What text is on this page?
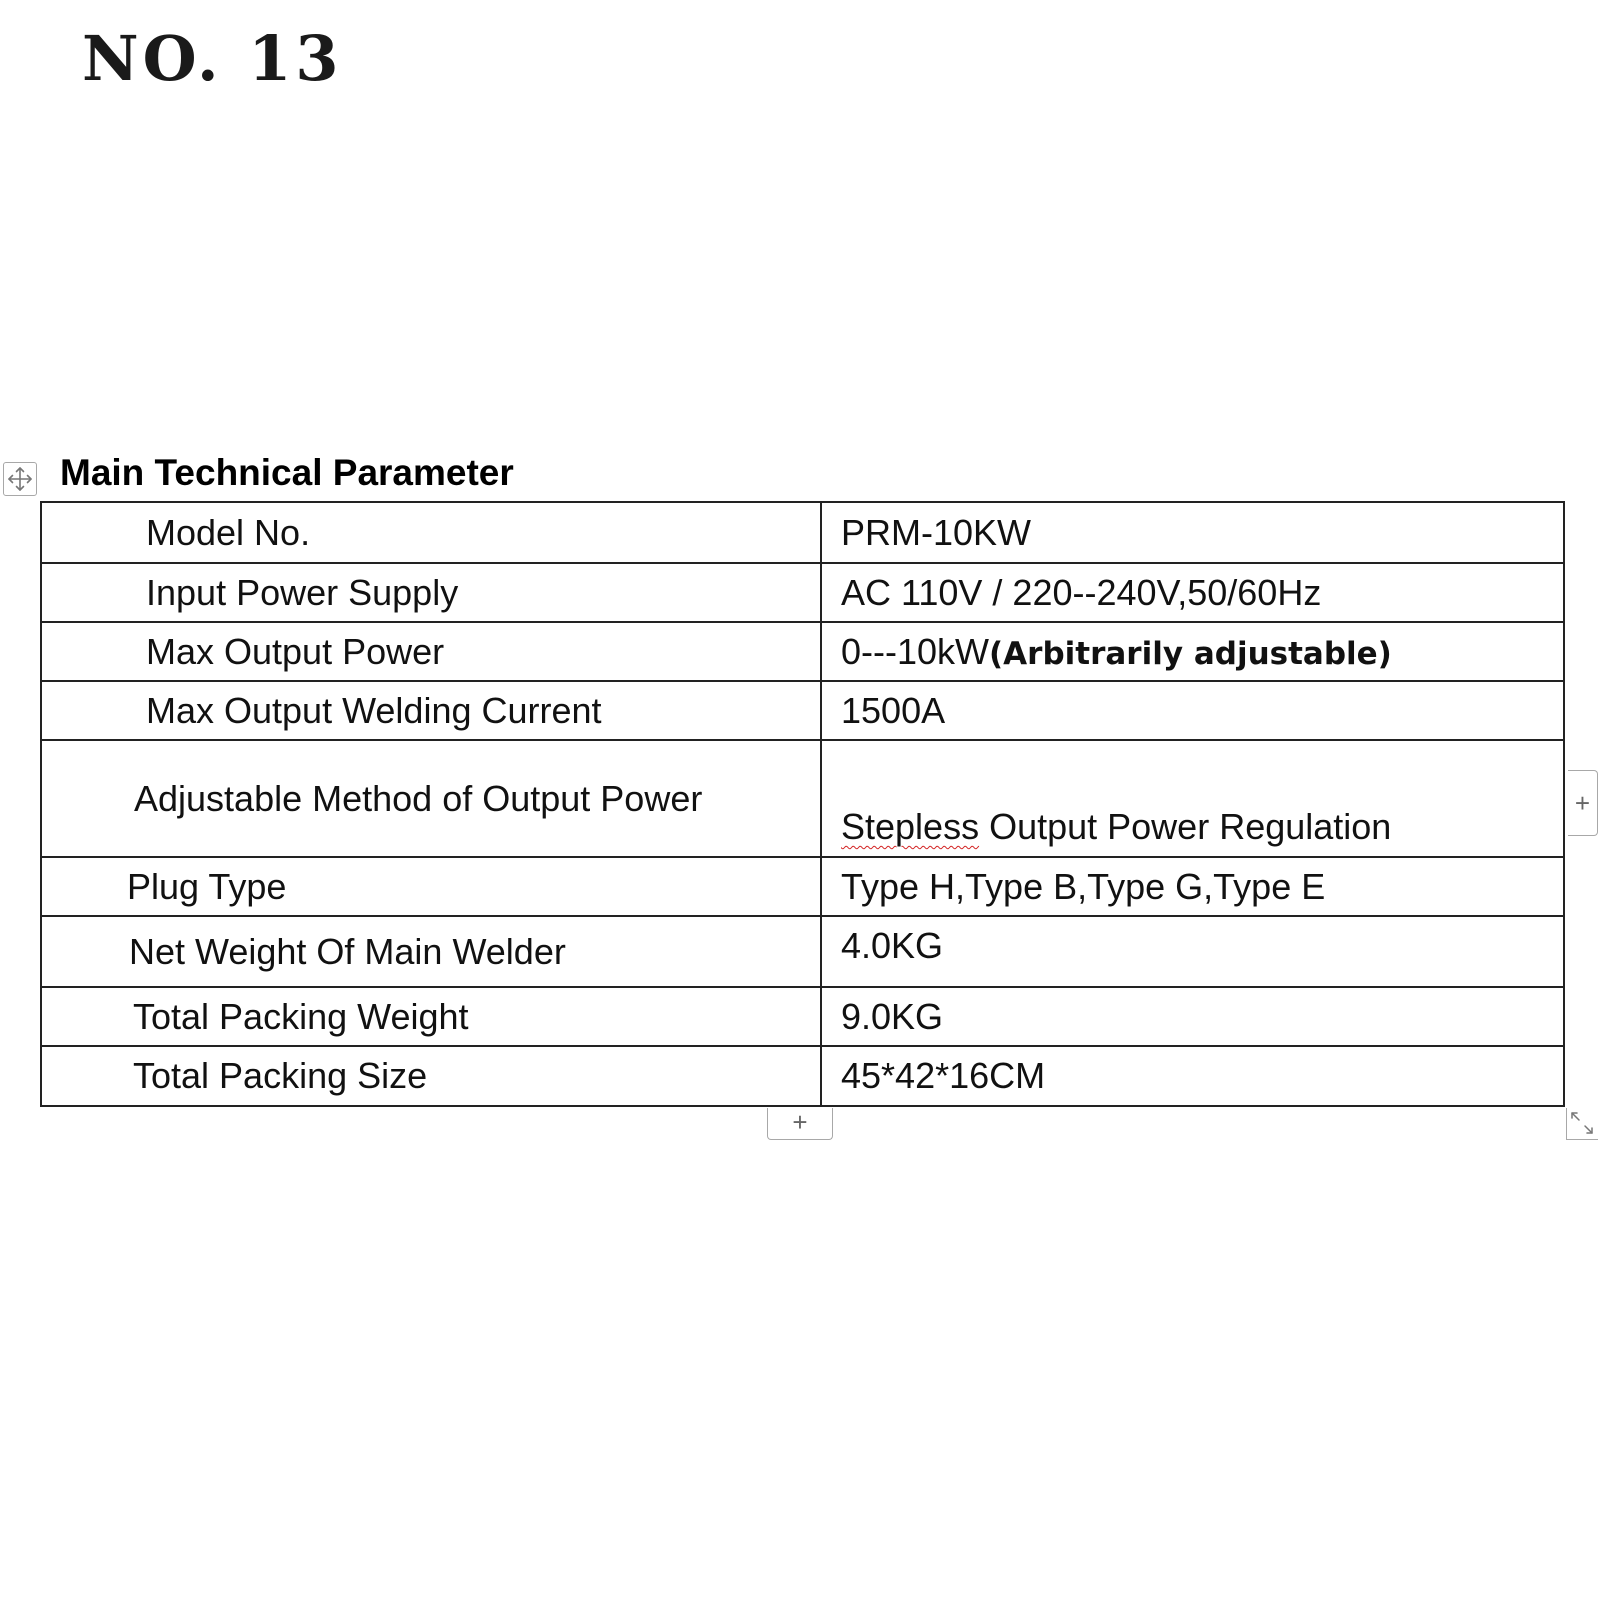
NO. 13
Main Technical Parameter
Model No.	PRM-10KW
Input Power Supply	AC 110V / 220--240V,50/60Hz
Max Output Power	0---10kW(Arbitrarily adjustable)
Max Output Welding Current	1500A
Adjustable Method of Output Power	Stepless Output Power Regulation
Plug Type	Type H,Type B,Type G,Type E
Net Weight Of Main Welder	4.0KG
Total Packing Weight	9.0KG
Total Packing Size	45*42*16CM
+
+
